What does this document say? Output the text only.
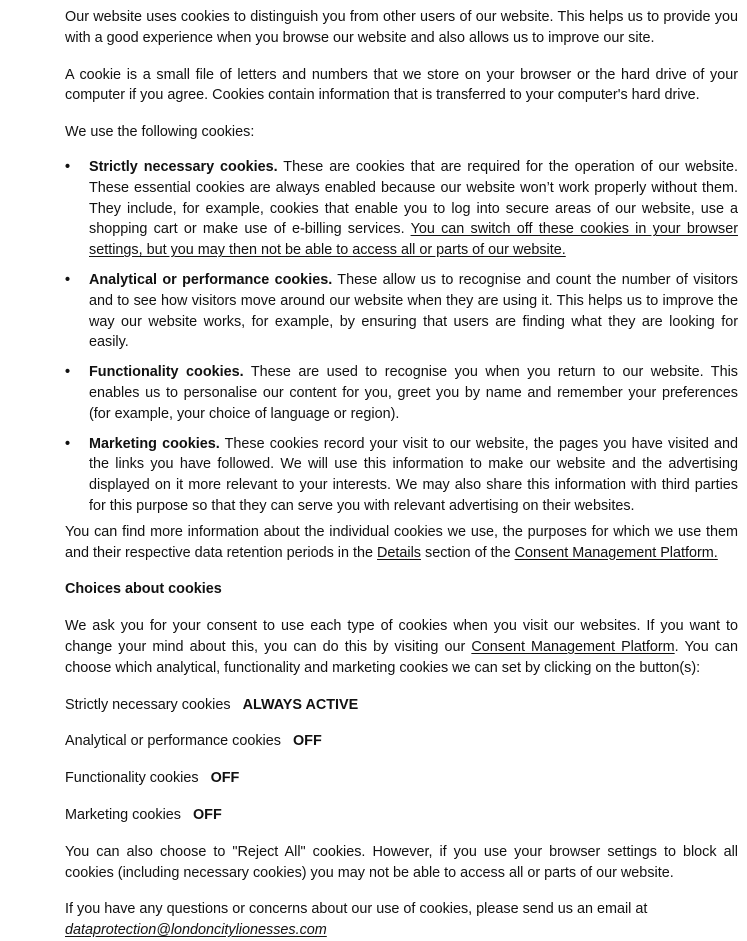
Our website uses cookies to distinguish you from other users of our website. This helps us to provide you with a good experience when you browse our website and also allows us to improve our site.

A cookie is a small file of letters and numbers that we store on your browser or the hard drive of your computer if you agree. Cookies contain information that is transferred to your computer's hard drive.

We use the following cookies:

•	Strictly necessary cookies. These are cookies that are required for the operation of our website. These essential cookies are always enabled because our website won’t work properly without them. They include, for example, cookies that enable you to log into secure areas of our website, use a shopping cart or make use of e-billing services. You can switch off these cookies in your browser settings, but you may then not be able to access all or parts of our website.
•	Analytical or performance cookies. These allow us to recognise and count the number of visitors and to see how visitors move around our website when they are using it. This helps us to improve the way our website works, for example, by ensuring that users are finding what they are looking for easily.
•	Functionality cookies. These are used to recognise you when you return to our website. This enables us to personalise our content for you, greet you by name and remember your preferences (for example, your choice of language or region).
•	Marketing cookies. These cookies record your visit to our website, the pages you have visited and the links you have followed. We will use this information to make our website and the advertising displayed on it more relevant to your interests. We may also share this information with third parties for this purpose so that they can serve you with relevant advertising on their websites.

You can find more information about the individual cookies we use, the purposes for which we use them and their respective data retention periods in the Details section of the Consent Management Platform.

Choices about cookies

We ask you for your consent to use each type of cookies when you visit our websites. If you want to change your mind about this, you can do this by visiting our Consent Management Platform. You can choose which analytical, functionality and marketing cookies we can set by clicking on the button(s):

Strictly necessary cookies ALWAYS ACTIVE
Analytical or performance cookies OFF
Functionality cookies OFF
Marketing cookies OFF

You can also choose to "Reject All" cookies. However, if you use your browser settings to block all cookies (including necessary cookies) you may not be able to access all or parts of our website.

If you have any questions or concerns about our use of cookies, please send us an email at

dataprotection@londoncitylionesses.com
